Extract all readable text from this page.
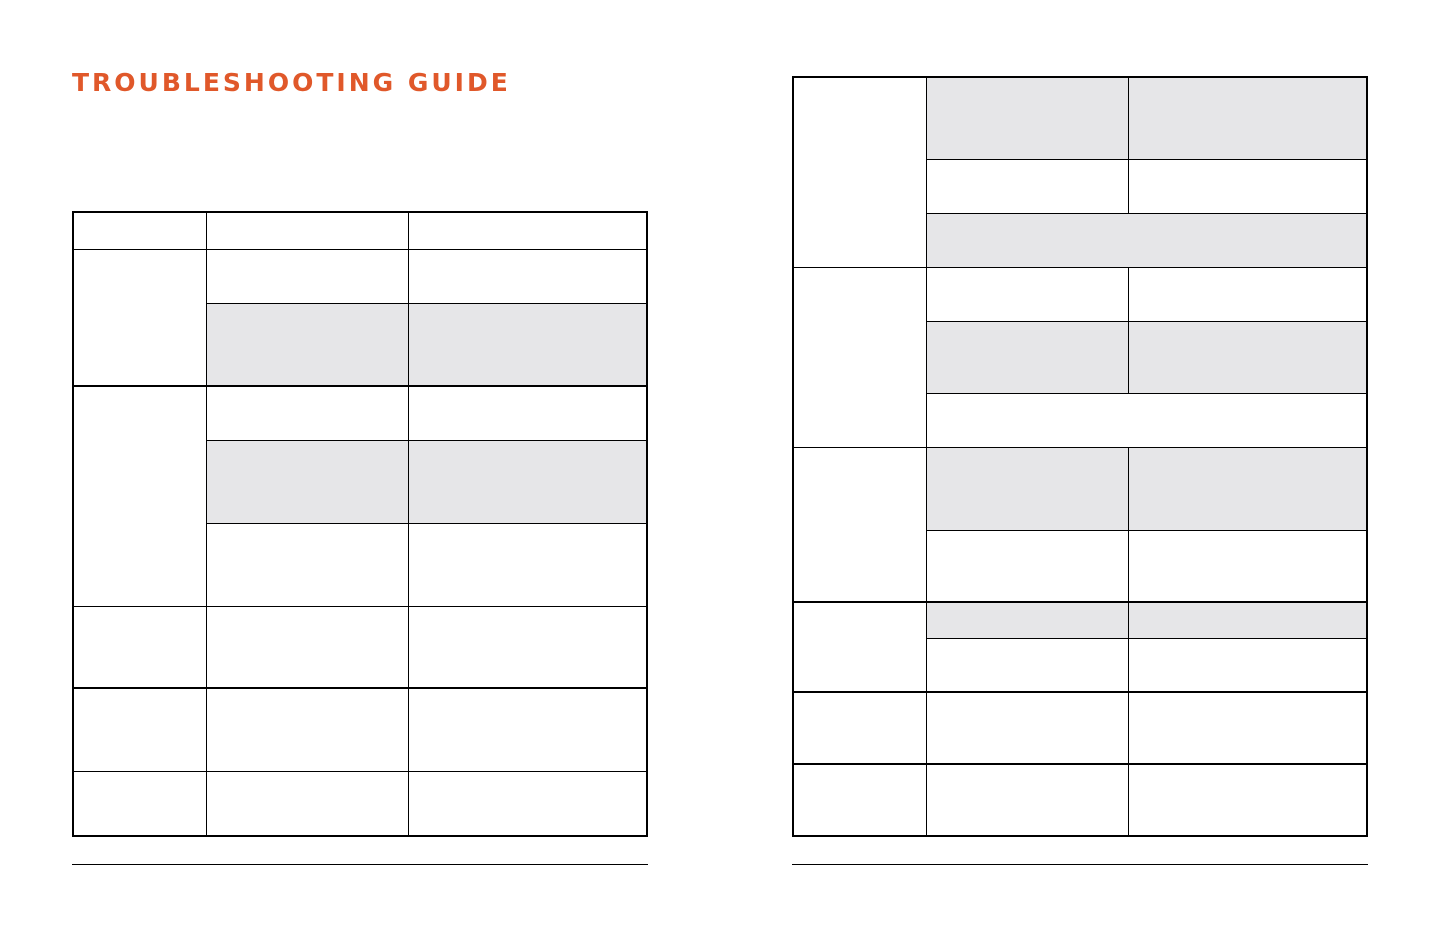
TROUBLESHOOTING GUIDE
